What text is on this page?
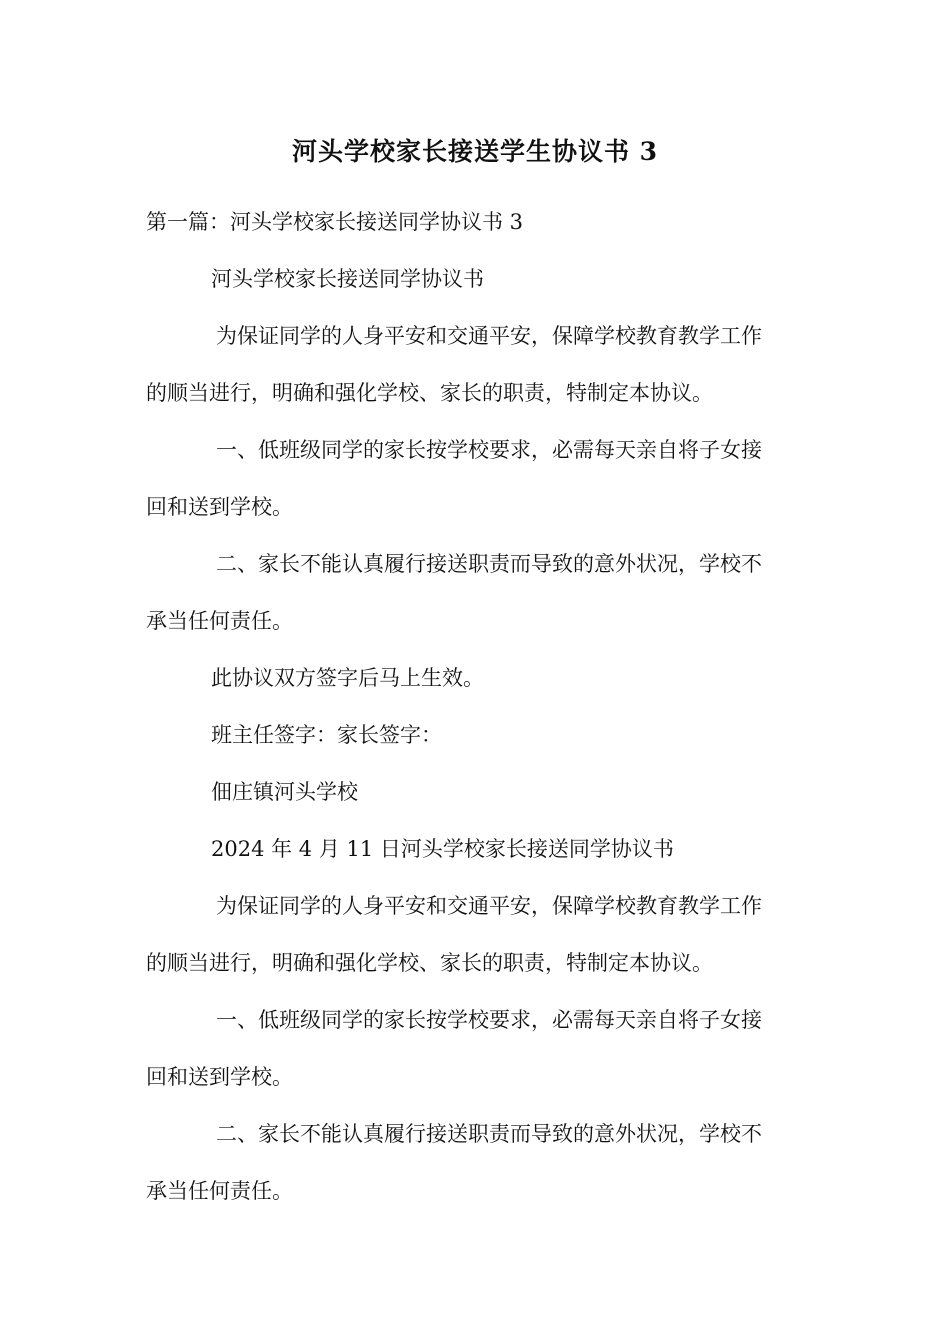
河头学校家长接送学生协议书 3
第一篇：河头学校家长接送同学协议书 3
河头学校家长接送同学协议书
为保证同学的人身平安和交通平安，保障学校教育教学工作
的顺当进行，明确和强化学校、家长的职责，特制定本协议。
一、低班级同学的家长按学校要求，必需每天亲自将子女接
回和送到学校。
二、家长不能认真履行接送职责而导致的意外状况，学校不
承当任何责任。
此协议双方签字后马上生效。
班主任签字：家长签字：
佃庄镇河头学校
2024 年 4 月 11 日河头学校家长接送同学协议书
为保证同学的人身平安和交通平安，保障学校教育教学工作
的顺当进行，明确和强化学校、家长的职责，特制定本协议。
一、低班级同学的家长按学校要求，必需每天亲自将子女接
回和送到学校。
二、家长不能认真履行接送职责而导致的意外状况，学校不
承当任何责任。
